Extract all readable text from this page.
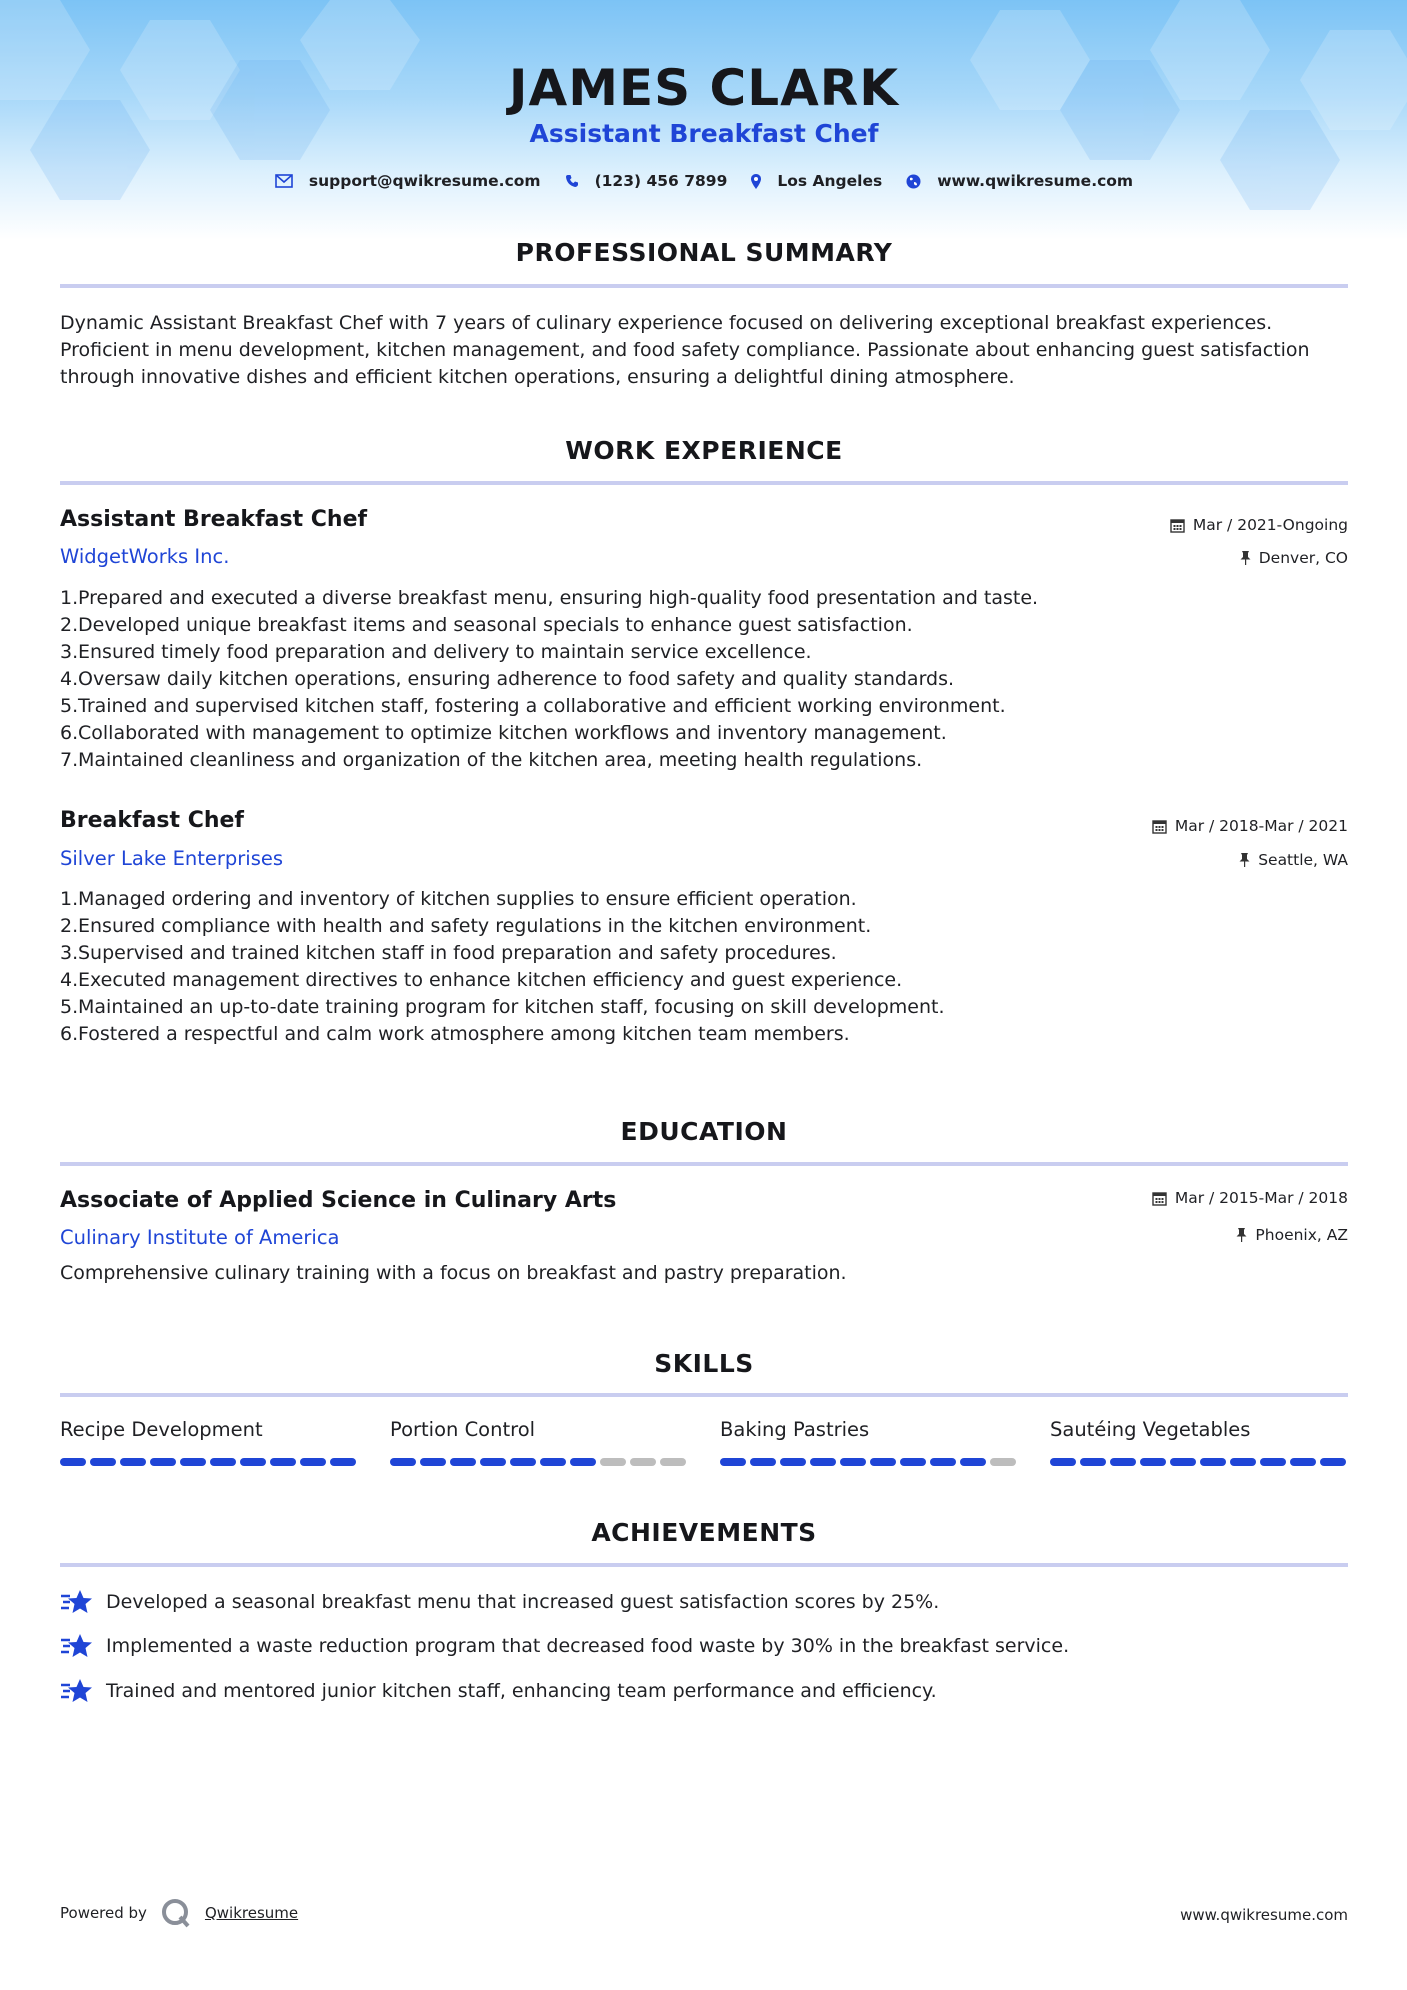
JAMES CLARK
Assistant Breakfast Chef
support@qwikresume.com	(123) 456 7899	Los Angeles	www.qwikresume.com
PROFESSIONAL SUMMARY
Dynamic Assistant Breakfast Chef with 7 years of culinary experience focused on delivering exceptional breakfast experiences. Proficient in menu development, kitchen management, and food safety compliance. Passionate about enhancing guest satisfaction through innovative dishes and efficient kitchen operations, ensuring a delightful dining atmosphere.
WORK EXPERIENCE
Assistant Breakfast Chef	Mar / 2021-Ongoing
WidgetWorks Inc.	Denver, CO
1.Prepared and executed a diverse breakfast menu, ensuring high-quality food presentation and taste.
2.Developed unique breakfast items and seasonal specials to enhance guest satisfaction.
3.Ensured timely food preparation and delivery to maintain service excellence.
4.Oversaw daily kitchen operations, ensuring adherence to food safety and quality standards.
5.Trained and supervised kitchen staff, fostering a collaborative and efficient working environment.
6.Collaborated with management to optimize kitchen workflows and inventory management.
7.Maintained cleanliness and organization of the kitchen area, meeting health regulations.
Breakfast Chef	Mar / 2018-Mar / 2021
Silver Lake Enterprises	Seattle, WA
1.Managed ordering and inventory of kitchen supplies to ensure efficient operation.
2.Ensured compliance with health and safety regulations in the kitchen environment.
3.Supervised and trained kitchen staff in food preparation and safety procedures.
4.Executed management directives to enhance kitchen efficiency and guest experience.
5.Maintained an up-to-date training program for kitchen staff, focusing on skill development.
6.Fostered a respectful and calm work atmosphere among kitchen team members.
EDUCATION
Associate of Applied Science in Culinary Arts	Mar / 2015-Mar / 2018
Culinary Institute of America	Phoenix, AZ
Comprehensive culinary training with a focus on breakfast and pastry preparation.
SKILLS
Recipe Development	Portion Control	Baking Pastries	Sautéing Vegetables
ACHIEVEMENTS
Developed a seasonal breakfast menu that increased guest satisfaction scores by 25%.
Implemented a waste reduction program that decreased food waste by 30% in the breakfast service.
Trained and mentored junior kitchen staff, enhancing team performance and efficiency.
Powered by	Qwikresume	www.qwikresume.com
